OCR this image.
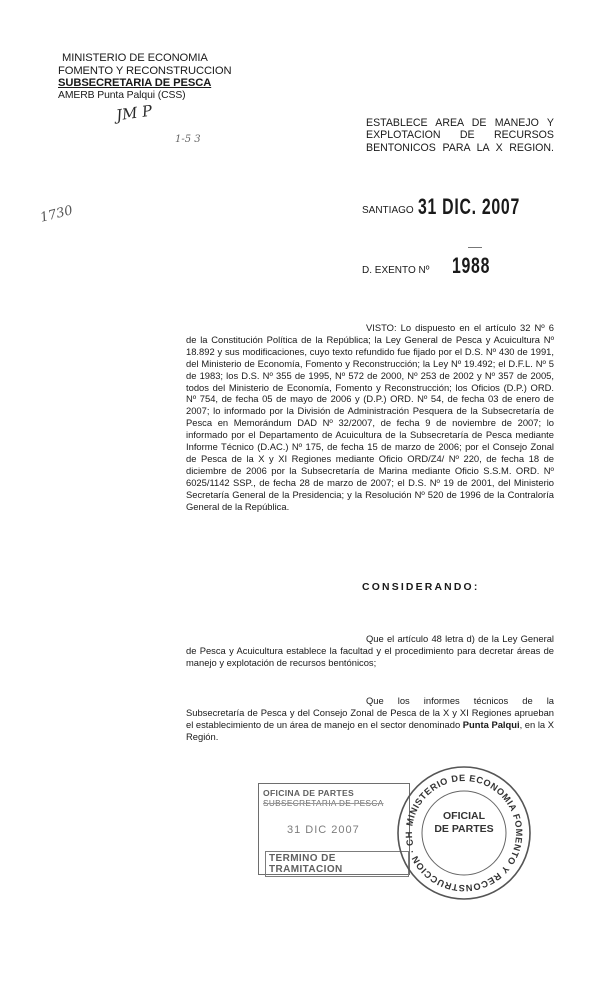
MINISTERIO DE ECONOMIA
FOMENTO Y RECONSTRUCCION
SUBSECRETARIA DE PESCA
AMERB Punta Palqui (CSS)
JM P
1-5 3
1730
ESTABLECE AREA DE MANEJO Y
EXPLOTACION DE RECURSOS
BENTONICOS PARA LA X REGION.
SANTIAGO 31 DIC. 2007
D. EXENTO Nº 1988

VISTO: Lo dispuesto en el artículo 32 Nº 6 de la Constitución Política de la República; la Ley General de Pesca y Acuicultura Nº 18.892 y sus modificaciones, cuyo texto refundido fue fijado por el D.S. Nº 430 de 1991, del Ministerio de Economía, Fomento y Reconstrucción; la Ley Nº 19.492; el D.F.L. Nº 5 de 1983; los D.S. Nº 355 de 1995, Nº 572 de 2000, Nº 253 de 2002 y Nº 357 de 2005, todos del Ministerio de Economía, Fomento y Reconstrucción; los Oficios (D.P.) ORD. Nº 754, de fecha 05 de mayo de 2006 y (D.P.) ORD. Nº 54, de fecha 03 de enero de 2007; lo informado por la División de Administración Pesquera de la Subsecretaría de Pesca en Memorándum DAD Nº 32/2007, de fecha 9 de noviembre de 2007; lo informado por el Departamento de Acuicultura de la Subsecretaría de Pesca mediante Informe Técnico (D.AC.) Nº 175, de fecha 15 de marzo de 2006; por el Consejo Zonal de Pesca de la X y XI Regiones mediante Oficio ORD/Z4/ Nº 220, de fecha 18 de diciembre de 2006 por la Subsecretaría de Marina mediante Oficio S.S.M. ORD. Nº 6025/1142 SSP., de fecha 28 de marzo de 2007; el D.S. Nº 19 de 2001, del Ministerio Secretaría General de la Presidencia; y la Resolución Nº 520 de 1996 de la Contraloría General de la República.

CONSIDERANDO:

Que el artículo 48 letra d) de la Ley General de Pesca y Acuicultura establece la facultad y el procedimiento para decretar áreas de manejo y explotación de recursos bentónicos;

Que los informes técnicos de la Subsecretaría de Pesca y del Consejo Zonal de Pesca de la X y XI Regiones aprueban el establecimiento de un área de manejo en el sector denominado Punta Palqui, en la X Región.

OFICINA DE PARTES
SUBSECRETARIA DE PESCA
31 DIC 2007
TERMINO DE TRAMITACION
MINISTERIO DE ECONOMIA FOMENTO Y RECONSTRUCCION · CH
OFICIAL
DE PARTES
